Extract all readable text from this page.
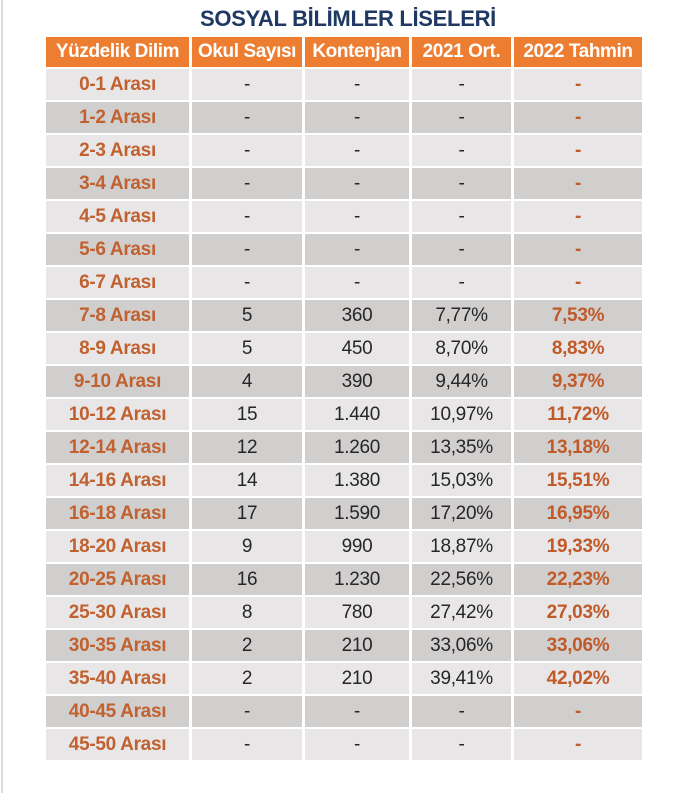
SOSYAL BİLİMLER LİSELERİ
Yüzdelik Dilim	Okul Sayısı	Kontenjan	2021 Ort.	2022 Tahmin
0-1 Arası	-	-	-	-
1-2 Arası	-	-	-	-
2-3 Arası	-	-	-	-
3-4 Arası	-	-	-	-
4-5 Arası	-	-	-	-
5-6 Arası	-	-	-	-
6-7 Arası	-	-	-	-
7-8 Arası	5	360	7,77%	7,53%
8-9 Arası	5	450	8,70%	8,83%
9-10 Arası	4	390	9,44%	9,37%
10-12 Arası	15	1.440	10,97%	11,72%
12-14 Arası	12	1.260	13,35%	13,18%
14-16 Arası	14	1.380	15,03%	15,51%
16-18 Arası	17	1.590	17,20%	16,95%
18-20 Arası	9	990	18,87%	19,33%
20-25 Arası	16	1.230	22,56%	22,23%
25-30 Arası	8	780	27,42%	27,03%
30-35 Arası	2	210	33,06%	33,06%
35-40 Arası	2	210	39,41%	42,02%
40-45 Arası	-	-	-	-
45-50 Arası	-	-	-	-
